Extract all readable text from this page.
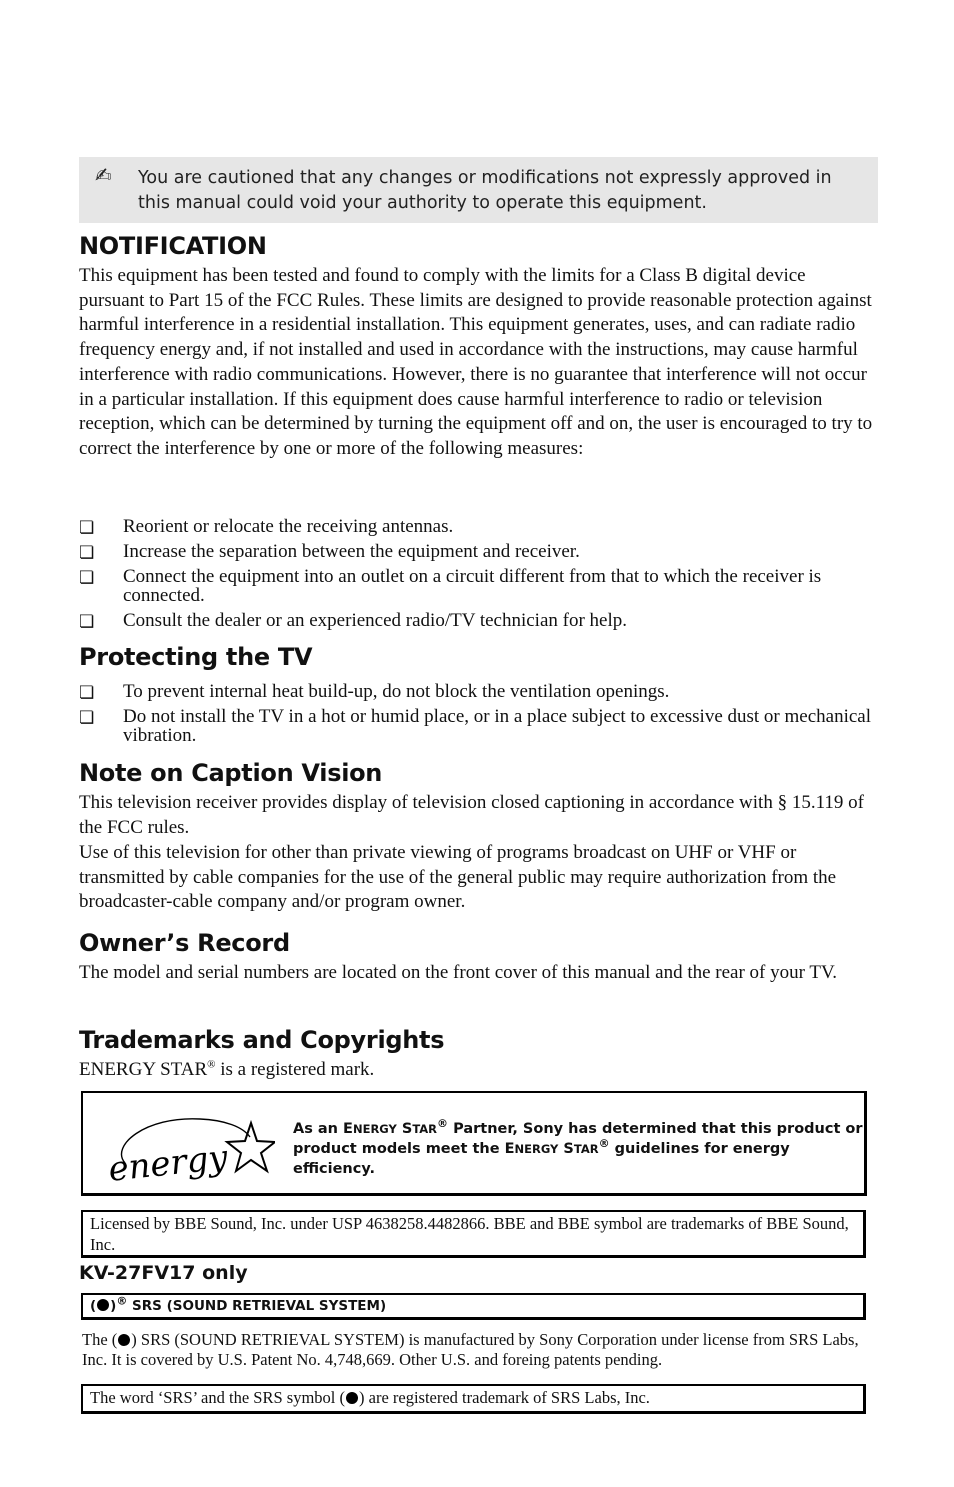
✍ You are cautioned that any changes or modifications not expressly approved in this manual could void your authority to operate this equipment.
NOTIFICATION

This equipment has been tested and found to comply with the limits for a Class B digital device pursuant to Part 15 of the FCC Rules. These limits are designed to provide reasonable protection against harmful interference in a residential installation. This equipment generates, uses, and can radiate radio frequency energy and, if not installed and used in accordance with the instructions, may cause harmful interference with radio communications. However, there is no guarantee that interference will not occur in a particular installation. If this equipment does cause harmful interference to radio or television reception, which can be determined by turning the equipment off and on, the user is encouraged to try to correct the interference by one or more of the following measures:

❏ Reorient or relocate the receiving antennas.
❏ Increase the separation between the equipment and receiver.
❏ Connect the equipment into an outlet on a circuit different from that to which the receiver is connected.
❏ Consult the dealer or an experienced radio/TV technician for help.
Protecting the TV
❏ To prevent internal heat build-up, do not block the ventilation openings.
❏ Do not install the TV in a hot or humid place, or in a place subject to excessive dust or mechanical vibration.
Note on Caption Vision

This television receiver provides display of television closed captioning in accordance with § 15.119 of the FCC rules.

Use of this television for other than private viewing of programs broadcast on UHF or VHF or transmitted by cable companies for the use of the general public may require authorization from the broadcaster-cable company and/or program owner.

Owner’s Record

The model and serial numbers are located on the front cover of this manual and the rear of your TV.

Trademarks and Copyrights

ENERGY STAR® is a registered mark.

energy
As an ENERGY STAR® Partner, Sony has determined that this product or product models meet the ENERGY STAR® guidelines for energy efficiency.
Licensed by BBE Sound, Inc. under USP 4638258.4482866. BBE and BBE symbol are trademarks of BBE Sound, Inc.
KV-27FV17 only
( )® SRS (SOUND RETRIEVAL SYSTEM)
The ( ) SRS (SOUND RETRIEVAL SYSTEM) is manufactured by Sony Corporation under license from SRS Labs, Inc. It is covered by U.S. Patent No. 4,748,669. Other U.S. and foreing patents pending.
The word ‘SRS’ and the SRS symbol ( ) are registered trademark of SRS Labs, Inc.
